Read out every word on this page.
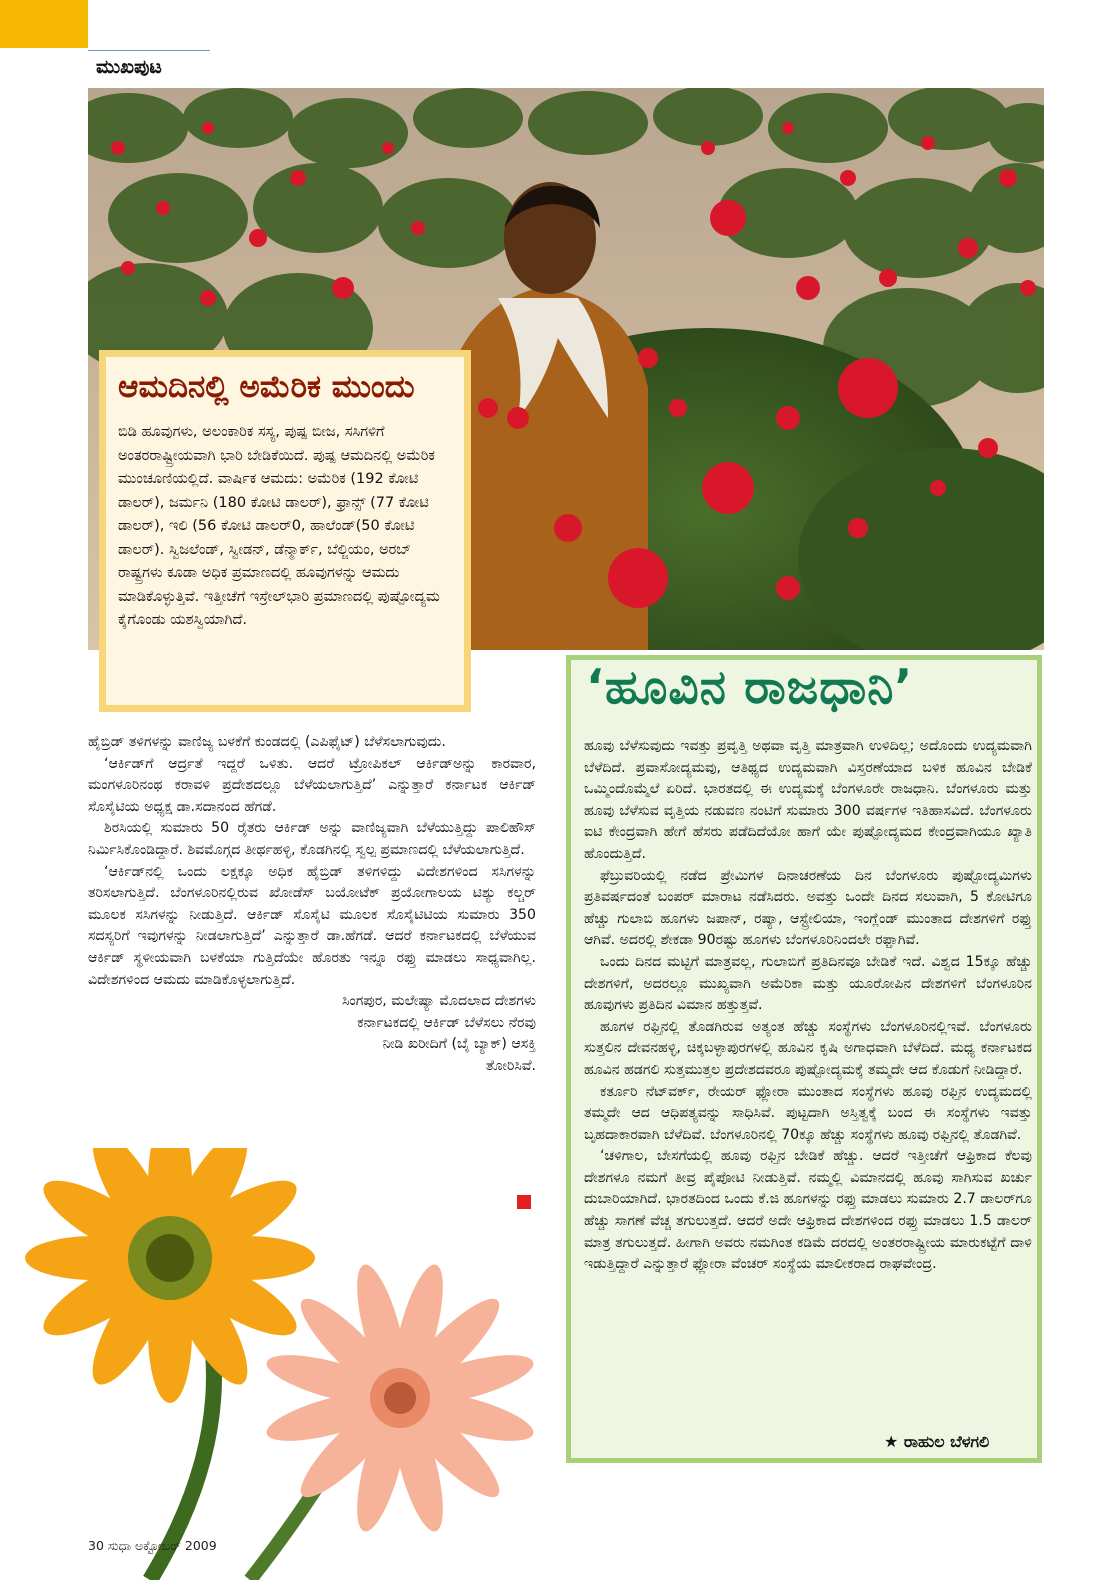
ಮುಖಪುಟ
ಆಮದಿನಲ್ಲಿ ಅಮೆರಿಕ ಮುಂದು

ಬಿಡಿ ಹೂವುಗಳು, ಅಲಂಕಾರಿಕ ಸಸ್ಯ, ಪುಷ್ಪ ಬೀಜ, ಸಸಿಗಳಿಗೆ ಅಂತರರಾಷ್ಟ್ರೀಯವಾಗಿ ಭಾರಿ ಬೇಡಿಕೆಯಿದೆ. ಪುಷ್ಪ ಆಮದಿನಲ್ಲಿ ಅಮೆರಿಕ ಮುಂಚೂಣಿಯಲ್ಲಿದೆ. ವಾರ್ಷಿಕ ಆಮದು: ಅಮೆರಿಕ (192 ಕೋಟಿ ಡಾಲರ್), ಜರ್ಮನಿ (180 ಕೋಟಿ ಡಾಲರ್), ಫ್ರಾನ್ಸ್ (77 ಕೋಟಿ ಡಾಲರ್), ಇಲಿ (56 ಕೋಟಿ ಡಾಲರ್0, ಹಾಲೆಂಡ್(50 ಕೋಟಿ ಡಾಲರ್). ಸ್ವಿಜಲೆಂಡ್, ಸ್ವೀಡನ್, ಡೆನ್ಮಾರ್ಕ್, ಬೆಲ್ಜಿಯಂ, ಅರಬ್ ರಾಷ್ಟ್ರಗಳು ಕೂಡಾ ಅಧಿಕ ಪ್ರಮಾಣದಲ್ಲಿ ಹೂವುಗಳನ್ನು ಆಮದು ಮಾಡಿಕೊಳ್ಳುತ್ತಿವೆ. ಇತ್ತೀಚೆಗೆ ಇಸ್ರೇಲ್‌ಭಾರಿ ಪ್ರಮಾಣದಲ್ಲಿ ಪುಷ್ಪೋದ್ಯಮ ಕೈಗೊಂಡು ಯಶಸ್ವಿಯಾಗಿದೆ.

‘ಹೂವಿನ ರಾಜಧಾನಿ’

ಹೂವು ಬೆಳೆಸುವುದು ಇವತ್ತು ಪ್ರವೃತ್ತಿ ಅಥವಾ ವೃತ್ತಿ ಮಾತ್ರವಾಗಿ ಉಳಿದಿಲ್ಲ; ಅದೊಂದು ಉದ್ಯಮವಾಗಿ ಬೆಳೆದಿದೆ. ಪ್ರವಾಸೋದ್ಯಮವು, ಆತಿಥ್ಯದ ಉದ್ಯಮವಾಗಿ ವಿಸ್ತರಣೆಯಾದ ಬಳಿಕ ಹೂವಿನ ಬೇಡಿಕೆ ಒಮ್ಮಿಂದೊಮ್ಮೆಲೆ ಏರಿದೆ. ಭಾರತದಲ್ಲಿ ಈ ಉದ್ಯಮಕ್ಕೆ ಬೆಂಗಳೂರೇ ರಾಜಧಾನಿ. ಬೆಂಗಳೂರು ಮತ್ತು ಹೂವು ಬೆಳೆಸುವ ವೃತ್ತಿಯ ನಡುವಣ ನಂಟಿಗೆ ಸುಮಾರು 300 ವರ್ಷಗಳ ಇತಿಹಾಸವಿದೆ. ಬೆಂಗಳೂರು ಐಟಿ ಕೇಂದ್ರವಾಗಿ ಹೇಗೆ ಹೆಸರು ಪಡೆದಿದೆಯೋ ಹಾಗೆ ಯೇ ಪುಷ್ಪೋದ್ಯಮದ ಕೇಂದ್ರವಾಗಿಯೂ ಖ್ಯಾತಿ ಹೊಂದುತ್ತಿದೆ.

ಫೆಬ್ರುವರಿಯಲ್ಲಿ ನಡೆದ ಪ್ರೇಮಿಗಳ ದಿನಾಚರಣೆಯ ದಿನ ಬೆಂಗಳೂರು ಪುಷ್ಪೋದ್ಯಮಿಗಳು ಪ್ರತಿವರ್ಷದಂತೆ ಬಂಪರ್ ಮಾರಾಟ ನಡೆಸಿದರು. ಅವತ್ತು ಒಂದೇ ದಿನದ ಸಲುವಾಗಿ, 5 ಕೋಟಿಗೂ ಹೆಚ್ಚು ಗುಲಾಬಿ ಹೂಗಳು ಜಪಾನ್, ರಷ್ಯಾ, ಆಸ್ಟ್ರೇಲಿಯಾ, ಇಂಗ್ಲೆಂಡ್ ಮುಂತಾದ ದೇಶಗಳಿಗೆ ರಫ್ತು ಆಗಿವೆ. ಅದರಲ್ಲಿ ಶೇಕಡಾ 90ರಷ್ಟು ಹೂಗಳು ಬೆಂಗಳೂರಿನಿಂದಲೇ ರಫ್ತಾಗಿವೆ.

ಒಂದು ದಿನದ ಮಟ್ಟಿಗೆ ಮಾತ್ರವಲ್ಲ, ಗುಲಾಬಿಗೆ ಪ್ರತಿದಿನವೂ ಬೇಡಿಕೆ ಇದೆ. ವಿಶ್ವದ 15ಕ್ಕೂ ಹೆಚ್ಚು ದೇಶಗಳಿಗೆ, ಅದರಲ್ಲೂ ಮುಖ್ಯವಾಗಿ ಅಮೆರಿಕಾ ಮತ್ತು ಯೂರೋಪಿನ ದೇಶಗಳಿಗೆ ಬೆಂಗಳೂರಿನ ಹೂವುಗಳು ಪ್ರತಿದಿನ ವಿಮಾನ ಹತ್ತುತ್ತವೆ.

ಹೂಗಳ ರಫ್ತಿನಲ್ಲಿ ತೊಡಗಿರುವ ಅತ್ಯಂತ ಹೆಚ್ಚು ಸಂಸ್ಥೆಗಳು ಬೆಂಗಳೂರಿನಲ್ಲಿಇವೆ. ಬೆಂಗಳೂರು ಸುತ್ತಲಿನ ದೇವನಹಳ್ಳಿ, ಚಿಕ್ಕಬಳ್ಳಾಪುರಗಳಲ್ಲಿ ಹೂವಿನ ಕೃಷಿ ಅಗಾಧವಾಗಿ ಬೆಳೆದಿದೆ. ಮಧ್ಯ ಕರ್ನಾಟಕದ ಹೂವಿನ ಹಡಗಲಿ ಸುತ್ತಮುತ್ತಲ ಪ್ರದೇಶದವರೂ ಪುಷ್ಪೋದ್ಯಮಕ್ಕೆ ತಮ್ಮದೇ ಆದ ಕೊಡುಗೆ ನೀಡಿದ್ದಾರೆ.

ಕರ್ತೂರಿ ನೆಟ್‌ವರ್ಕ್, ರೇಯರ್ ಫ್ಲೋರಾ ಮುಂತಾದ ಸಂಸ್ಥೆಗಳು ಹೂವು ರಫ್ತಿನ ಉದ್ಯಮದಲ್ಲಿ ತಮ್ಮದೇ ಆದ ಆಧಿಪತ್ಯವನ್ನು ಸಾಧಿಸಿವೆ. ಪುಟ್ಟದಾಗಿ ಅಸ್ತಿತ್ವಕ್ಕೆ ಬಂದ ಈ ಸಂಸ್ಥೆಗಳು ಇವತ್ತು ಬೃಹದಾಕಾರವಾಗಿ ಬೆಳೆದಿವೆ. ಬೆಂಗಳೂರಿನಲ್ಲಿ 70ಕ್ಕೂ ಹೆಚ್ಚು ಸಂಸ್ಥೆಗಳು ಹೂವು ರಫ್ತಿನಲ್ಲಿ ತೊಡಗಿವೆ.

‘ಚಳಿಗಾಲ, ಬೇಸಗೆಯಲ್ಲಿ ಹೂವು ರಫ್ತಿನ ಬೇಡಿಕೆ ಹೆಚ್ಚು. ಆದರೆ ಇತ್ತೀಚೆಗೆ ಆಫ್ರಿಕಾದ ಕೆಲವು ದೇಶಗಳೂ ನಮಗೆ ತೀವ್ರ ಪೈಪೋಟಿ ನೀಡುತ್ತಿವೆ. ನಮ್ಮಲ್ಲಿ ವಿಮಾನದಲ್ಲಿ ಹೂವು ಸಾಗಿಸುವ ಖರ್ಚು ದುಬಾರಿಯಾಗಿದೆ. ಭಾರತದಿಂದ ಒಂದು ಕೆ.ಜಿ ಹೂಗಳನ್ನು ರಫ್ತು ಮಾಡಲು ಸುಮಾರು 2.7 ಡಾಲರ್‌ಗೂ ಹೆಚ್ಚು ಸಾಗಣೆ ವೆಚ್ಚ ತಗುಲುತ್ತದೆ. ಆದರೆ ಅದೇ ಆಫ್ರಿಕಾದ ದೇಶಗಳಿಂದ ರಫ್ತು ಮಾಡಲು 1.5 ಡಾಲರ್ ಮಾತ್ರ ತಗುಲುತ್ತದೆ. ಹೀಗಾಗಿ ಅವರು ನಮಗಿಂತ ಕಡಿಮೆ ದರದಲ್ಲಿ ಅಂತರರಾಷ್ಟ್ರೀಯ ಮಾರುಕಟ್ಟೆಗೆ ದಾಳಿ ಇಡುತ್ತಿದ್ದಾರೆ ಎನ್ನುತ್ತಾರೆ ಫ್ಲೋರಾ ವೆಂಚರ್ ಸಂಸ್ಥೆಯ ಮಾಲೀಕರಾದ ರಾಘವೇಂದ್ರ.

★ ರಾಹುಲ ಬೆಳಗಲಿ

ಹೈಬ್ರಿಡ್ ತಳಿಗಳನ್ನು ವಾಣಿಜ್ಯ ಬಳಕೆಗೆ ಕುಂಡದಲ್ಲಿ (ಎಪಿಫೈಟ್) ಬೆಳೆಸಲಾಗುವುದು.

‘ಆರ್ಕಿಡ್‌ಗೆ ಆರ್ದ್ರತೆ ಇದ್ದರೆ ಒಳಿತು. ಆದರೆ ಟ್ರೋಪಿಕಲ್ ಆರ್ಕಿಡ್‌ಅನ್ನು ಕಾರವಾರ, ಮಂಗಳೂರಿನಂಥ ಕರಾವಳಿ ಪ್ರದೇಶದಲ್ಲೂ ಬೆಳೆಯಲಾಗುತ್ತಿದೆ’ ಎನ್ನುತ್ತಾರೆ ಕರ್ನಾಟಕ ಆರ್ಕಿಡ್ ಸೊಸೈಟಿಯ ಅಧ್ಯಕ್ಷ ಡಾ.ಸದಾನಂದ ಹೆಗಡೆ.

ಶಿರಸಿಯಲ್ಲಿ ಸುಮಾರು 50 ರೈತರು ಆರ್ಕಿಡ್ ಅನ್ನು ವಾಣಿಜ್ಯವಾಗಿ ಬೆಳೆಯುತ್ತಿದ್ದು ಪಾಲಿಹೌಸ್ ನಿರ್ಮಿಸಿಕೊಂಡಿದ್ದಾರೆ. ಶಿವಮೊಗ್ಗದ ತೀರ್ಥಹಳ್ಳಿ, ಕೊಡಗಿನಲ್ಲಿ ಸ್ವಲ್ಪ ಪ್ರಮಾಣದಲ್ಲಿ ಬೆಳೆಯಲಾಗುತ್ತಿದೆ.

‘ಆರ್ಕಿಡ್‌ನಲ್ಲಿ ಒಂದು ಲಕ್ಷಕ್ಕೂ ಅಧಿಕ ಹೈಬ್ರಿಡ್ ತಳಿಗಳಿದ್ದು ವಿದೇಶಗಳಿಂದ ಸಸಿಗಳನ್ನು ತರಿಸಲಾಗುತ್ತಿದೆ. ಬೆಂಗಳೂರಿನಲ್ಲಿರುವ ಖೋಡೆಸ್ ಬಯೋಟೆಕ್ ಪ್ರಯೋಗಾಲಯ ಟಿಶ್ಯು ಕಲ್ಚರ್ ಮೂಲಕ ಸಸಿಗಳನ್ನು ನೀಡುತ್ತಿದೆ. ಆರ್ಕಿಡ್ ಸೊಸೈಟಿ ಮೂಲಕ ಸೊಸೈಟಿಟಿಯ ಸುಮಾರು 350 ಸದಸ್ಯರಿಗೆ ಇವುಗಳನ್ನು ನೀಡಲಾಗುತ್ತಿದೆ’ ಎನ್ನುತ್ತಾರೆ ಡಾ.ಹೆಗಡೆ. ಆದರೆ ಕರ್ನಾಟಕದಲ್ಲಿ ಬೆಳೆಯುವ ಆರ್ಕಿಡ್ ಸ್ಥಳೀಯವಾಗಿ ಬಳಕೆಯಾ ಗುತ್ತಿದೆಯೇ ಹೊರತು ಇನ್ನೂ ರಫ್ತು ಮಾಡಲು ಸಾಧ್ಯವಾಗಿಲ್ಲ. ವಿದೇಶಗಳಿಂದ ಆಮದು ಮಾಡಿಕೊಳ್ಳಲಾಗುತ್ತಿದೆ.

ಸಿಂಗಪುರ, ಮಲೇಷ್ಯಾ ಮೊದಲಾದ ದೇಶಗಳು
ಕರ್ನಾಟಕದಲ್ಲಿ ಆರ್ಕಿಡ್ ಬೆಳೆಸಲು ನೆರವು
ನೀಡಿ ಖರೀದಿಗೆ (ಬೈ ಬ್ಯಾಕ್) ಆಸಕ್ತಿ
ತೋರಿಸಿವೆ.

30 ಸುಧಾ ಅಕ್ಟೋಬರ್ 2009
